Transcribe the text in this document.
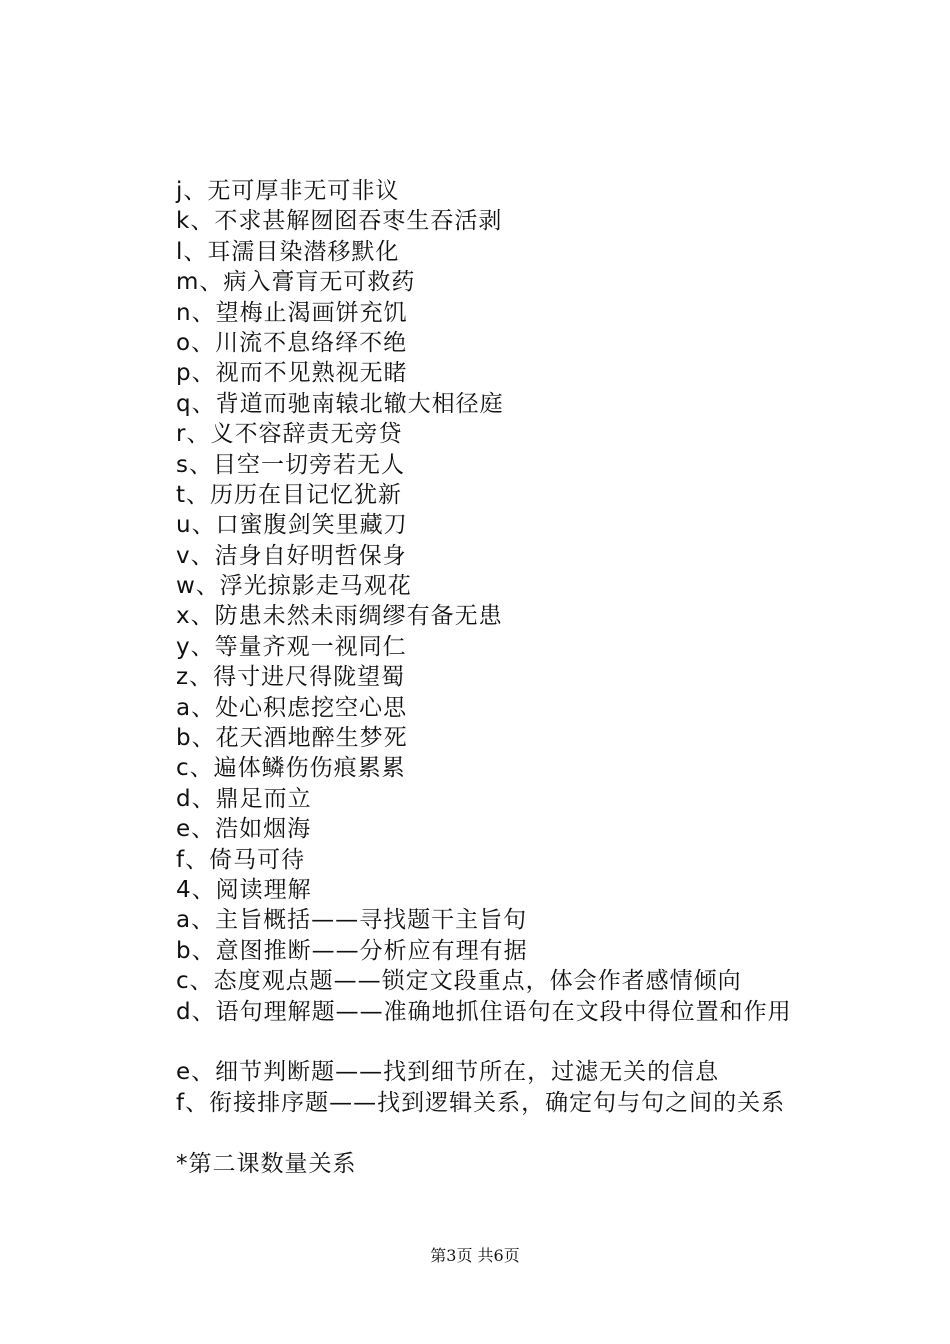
j、无可厚非无可非议
k、不求甚解囫囵吞枣生吞活剥
l、耳濡目染潜移默化
m、病入膏肓无可救药
n、望梅止渴画饼充饥
o、川流不息络绎不绝
p、视而不见熟视无睹
q、背道而驰南辕北辙大相径庭
r、义不容辞责无旁贷
s、目空一切旁若无人
t、历历在目记忆犹新
u、口蜜腹剑笑里藏刀
v、洁身自好明哲保身
w、浮光掠影走马观花
x、防患未然未雨绸缪有备无患
y、等量齐观一视同仁
z、得寸进尺得陇望蜀
a、处心积虑挖空心思
b、花天酒地醉生梦死
c、遍体鳞伤伤痕累累
d、鼎足而立
e、浩如烟海
f、倚马可待
4、阅读理解
a、主旨概括——寻找题干主旨句
b、意图推断——分析应有理有据
c、态度观点题——锁定文段重点，体会作者感情倾向
d、语句理解题——准确地抓住语句在文段中得位置和作用
e、细节判断题——找到细节所在，过滤无关的信息
f、衔接排序题——找到逻辑关系，确定句与句之间的关系
*第二课数量关系
第3页 共6页
